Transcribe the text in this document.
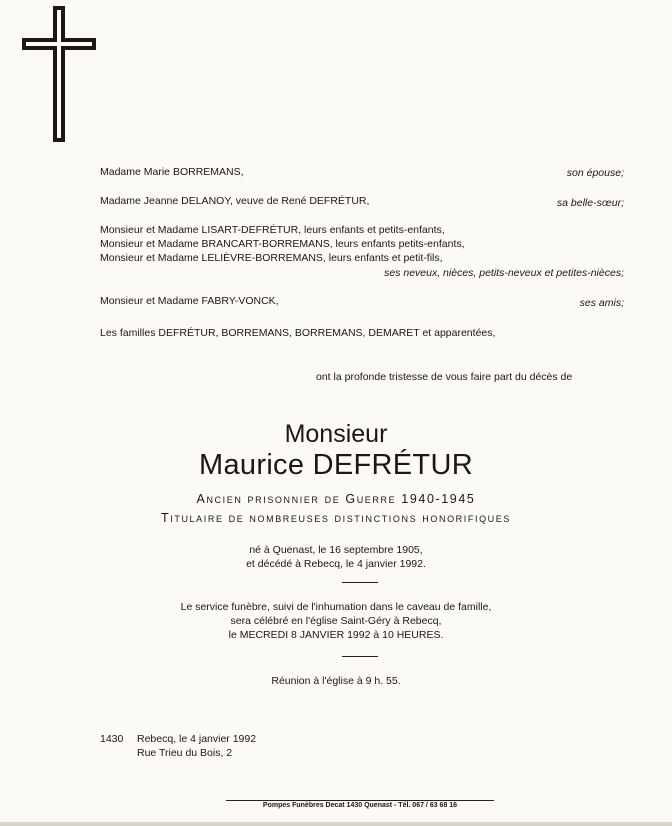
Madame Marie BORREMANS,	son épouse;
Madame Jeanne DELANOY, veuve de René DEFRÉTUR,	sa belle-sœur;
Monsieur et Madame LISART-DEFRÉTUR, leurs enfants et petits-enfants,
Monsieur et Madame BRANCART-BORREMANS, leurs enfants petits-enfants,
Monsieur et Madame LELIÈVRE-BORREMANS, leurs enfants et petit-fils,
ses neveux, nièces, petits-neveux et petites-nièces;
Monsieur et Madame FABRY-VONCK,	ses amis;
Les familles DEFRÉTUR, BORREMANS, BORREMANS, DEMARET et apparentées,
ont la profonde tristesse de vous faire part du décès de
Monsieur
Maurice DEFRÉTUR
Ancien prisonnier de Guerre 1940-1945
Titulaire de nombreuses distinctions honorifiques
né à Quenast, le 16 septembre 1905,
et décédé à Rebecq, le 4 janvier 1992.
Le service funèbre, suivi de l'inhumation dans le caveau de famille,
sera célébré en l'église Saint-Géry à Rebecq,
le MECREDI 8 JANVIER 1992 à 10 HEURES.
Réunion à l'église à 9 h. 55.
1430 Rebecq, le 4 janvier 1992
Rue Trieu du Bois, 2
Pompes Funèbres Decat 1430 Quenast - Tél. 067 / 63 68 16
